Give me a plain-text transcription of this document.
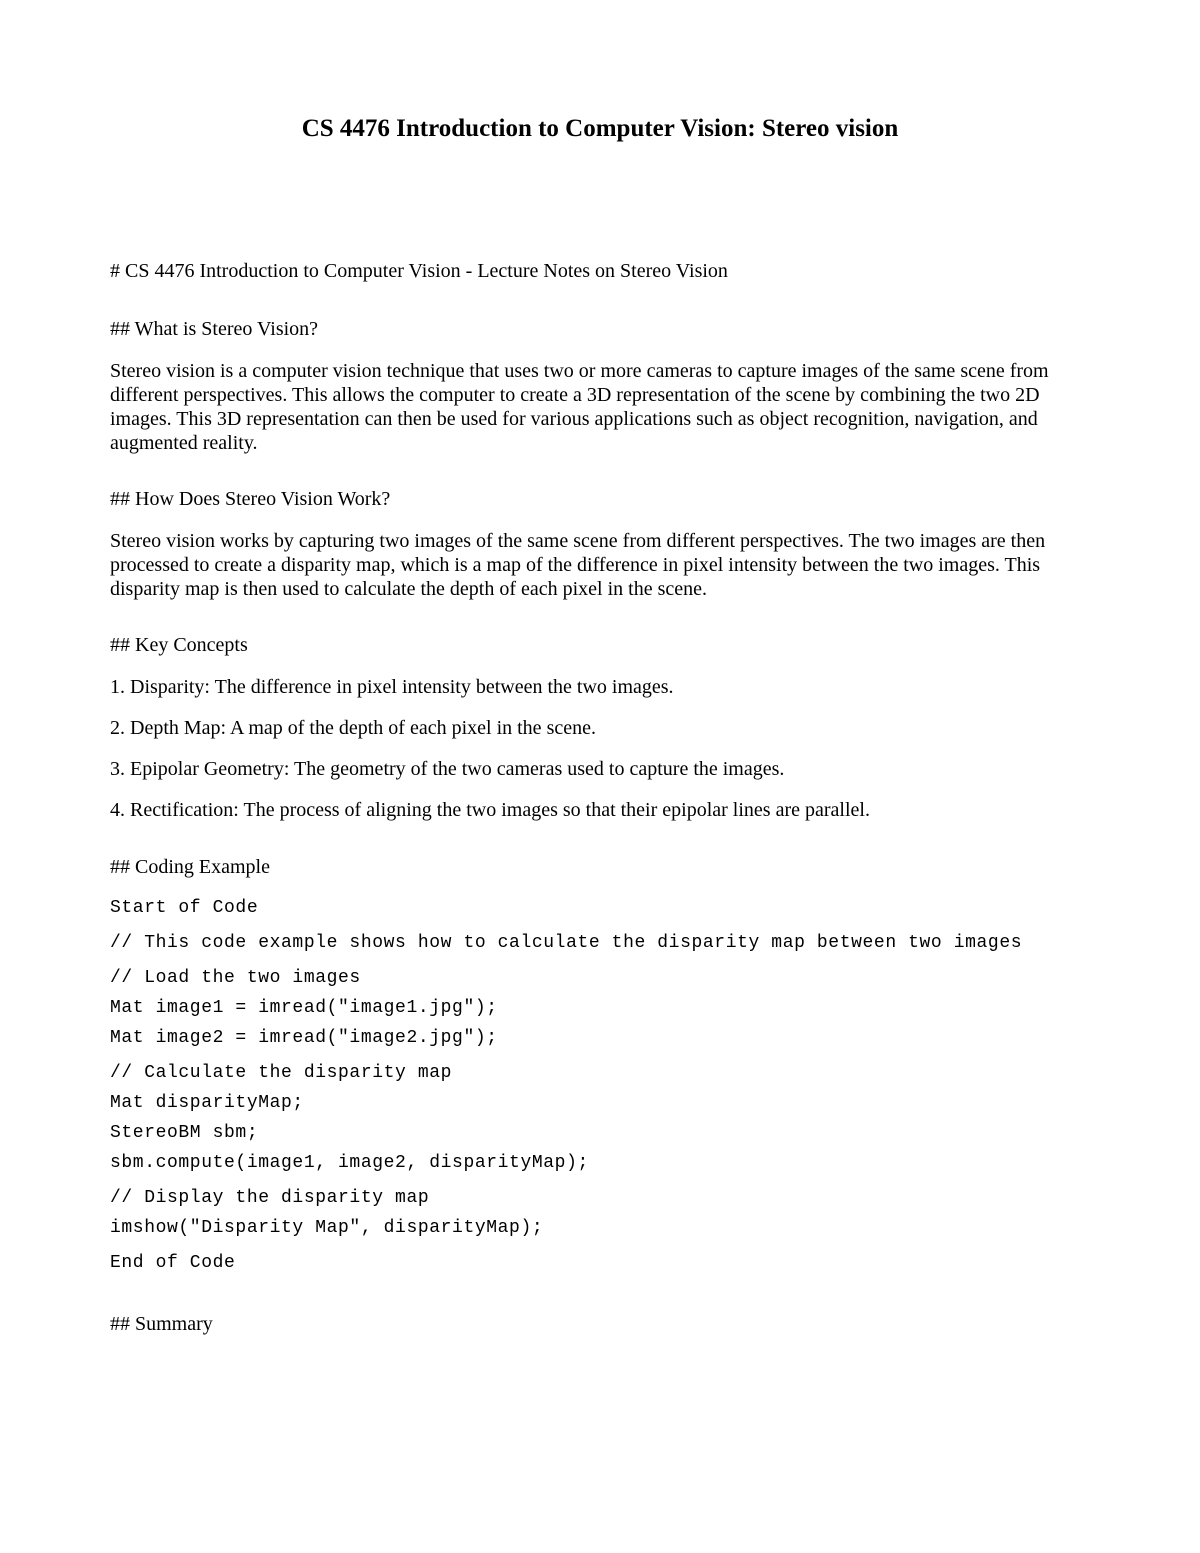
CS 4476 Introduction to Computer Vision: Stereo vision

# CS 4476 Introduction to Computer Vision - Lecture Notes on Stereo Vision

## What is Stereo Vision?

Stereo vision is a computer vision technique that uses two or more cameras to capture images of the same scene from different perspectives. This allows the computer to create a 3D representation of the scene by combining the two 2D images. This 3D representation can then be used for various applications such as object recognition, navigation, and augmented reality.

## How Does Stereo Vision Work?

Stereo vision works by capturing two images of the same scene from different perspectives. The two images are then processed to create a disparity map, which is a map of the difference in pixel intensity between the two images. This disparity map is then used to calculate the depth of each pixel in the scene.

## Key Concepts

1. Disparity: The difference in pixel intensity between the two images.

2. Depth Map: A map of the depth of each pixel in the scene.

3. Epipolar Geometry: The geometry of the two cameras used to capture the images.

4. Rectification: The process of aligning the two images so that their epipolar lines are parallel.

## Coding Example

Start of Code

// This code example shows how to calculate the disparity map between two images

// Load the two images

Mat image1 = imread("image1.jpg");

Mat image2 = imread("image2.jpg");

// Calculate the disparity map

Mat disparityMap;

StereoBM sbm;

sbm.compute(image1, image2, disparityMap);

// Display the disparity map

imshow("Disparity Map", disparityMap);

End of Code

## Summary
